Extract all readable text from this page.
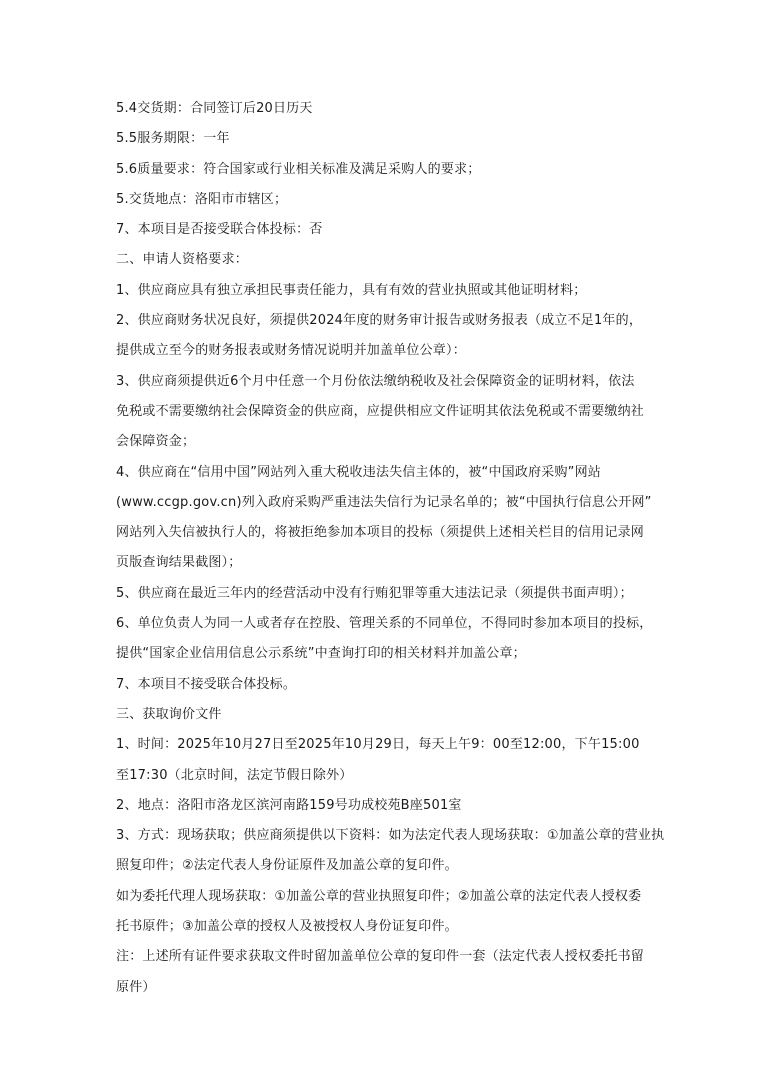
5.4交货期：合同签订后20日历天
5.5服务期限：一年
5.6质量要求：符合国家或行业相关标准及满足采购人的要求；
5.交货地点：洛阳市市辖区；
7、本项目是否接受联合体投标：否
二、申请人资格要求：
1、供应商应具有独立承担民事责任能力，具有有效的营业执照或其他证明材料；
2、供应商财务状况良好，须提供2024年度的财务审计报告或财务报表（成立不足1年的，
提供成立至今的财务报表或财务情况说明并加盖单位公章）：
3、供应商须提供近6个月中任意一个月份依法缴纳税收及社会保障资金的证明材料，依法
免税或不需要缴纳社会保障资金的供应商，应提供相应文件证明其依法免税或不需要缴纳社
会保障资金；
4、供应商在“信用中国”网站列入重大税收违法失信主体的，被“中国政府采购”网站
(www.ccgp.gov.cn)列入政府采购严重违法失信行为记录名单的；被“中国执行信息公开网”
网站列入失信被执行人的，将被拒绝参加本项目的投标（须提供上述相关栏目的信用记录网
页版查询结果截图）；
5、供应商在最近三年内的经营活动中没有行贿犯罪等重大违法记录（须提供书面声明）；
6、单位负责人为同一人或者存在控股、管理关系的不同单位，不得同时参加本项目的投标，
提供“国家企业信用信息公示系统”中查询打印的相关材料并加盖公章；
7、本项目不接受联合体投标。
三、获取询价文件
1、时间：2025年10月27日至2025年10月29日，每天上午9：00至12:00，下午15:00
至17:30（北京时间，法定节假日除外）
2、地点：洛阳市洛龙区滨河南路159号功成校苑B座501室
3、方式：现场获取；供应商须提供以下资料：如为法定代表人现场获取：①加盖公章的营业执
照复印件；②法定代表人身份证原件及加盖公章的复印件。
如为委托代理人现场获取：①加盖公章的营业执照复印件；②加盖公章的法定代表人授权委
托书原件；③加盖公章的授权人及被授权人身份证复印件。
注：上述所有证件要求获取文件时留加盖单位公章的复印件一套（法定代表人授权委托书留
原件）
